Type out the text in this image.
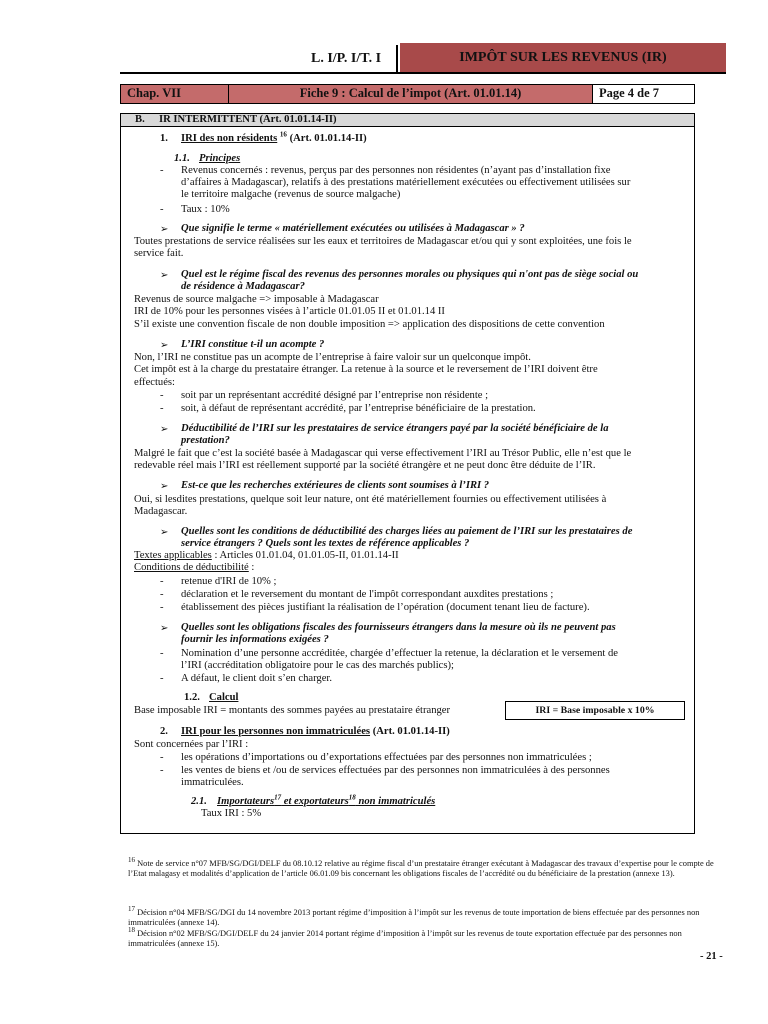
L. I/P. I/T. I	IMPÔT SUR LES REVENUS (IR)
Chap. VII	Fiche 9 : Calcul de l’impot (Art. 01.01.14)	Page 4 de 7
B. IR INTERMITTENT (Art. 01.01.14-II)
1. IRI des non résidents $^{16}$ (Art. 01.01.14-II)
1.1. Principes
- Revenus concernés : revenus, perçus par des personnes non résidentes (n’ayant pas d’installation fixe
d’affaires à Madagascar), relatifs à des prestations matériellement exécutées ou effectivement utilisées sur
le territoire malgache (revenus de source malgache)
- Taux : 10%
➢ Que signifie le terme « matériellement exécutées ou utilisées à Madagascar » ?
Toutes prestations de service réalisées sur les eaux et territoires de Madagascar et/ou qui y sont exploitées, une fois le
service fait.
➢ Quel est le régime fiscal des revenus des personnes morales ou physiques qui n'ont pas de siège social ou
de résidence à Madagascar?
Revenus de source malgache => imposable à Madagascar
IRI de 10% pour les personnes visées à l’article 01.01.05 II et 01.01.14 II
S’il existe une convention fiscale de non double imposition => application des dispositions de cette convention
➢ L’IRI constitue t-il un acompte ?
Non, l’IRI ne constitue pas un acompte de l’entreprise à faire valoir sur un quelconque impôt.
Cet impôt est à la charge du prestataire étranger. La retenue à la source et le reversement de l’IRI doivent être
effectués:
- soit par un représentant accrédité désigné par l’entreprise non résidente ;
- soit, à défaut de représentant accrédité, par l’entreprise bénéficiaire de la prestation.
➢ Déductibilité de l’IRI sur les prestataires de service étrangers payé par la société bénéficiaire de la
prestation?
Malgré le fait que c’est la société basée à Madagascar qui verse effectivement l’IRI au Trésor Public, elle n’est que le
redevable réel mais l’IRI est réellement supporté par la société étrangère et ne peut donc être déduite de l’IR.
➢ Est-ce que les recherches extérieures de clients sont soumises à l’IRI ?
Oui, si lesdites prestations, quelque soit leur nature, ont été matériellement fournies ou effectivement utilisées à
Madagascar.
➢ Quelles sont les conditions de déductibilité des charges liées au paiement de l’IRI sur les prestataires de
service étrangers ? Quels sont les textes de référence applicables ?
Textes applicables : Articles 01.01.04, 01.01.05-II, 01.01.14-II
Conditions de déductibilité :
- retenue d'IRI de 10% ;
- déclaration et le reversement du montant de l'impôt correspondant auxdites prestations ;
- établissement des pièces justifiant la réalisation de l’opération (document tenant lieu de facture).
➢ Quelles sont les obligations fiscales des fournisseurs étrangers dans la mesure où ils ne peuvent pas
fournir les informations exigées ?
- Nomination d’une personne accréditée, chargée d’effectuer la retenue, la déclaration et le versement de
l’IRI (accréditation obligatoire pour le cas des marchés publics);
- A défaut, le client doit s’en charger.
1.2. Calcul
Base imposable IRI = montants des sommes payées au prestataire étranger	IRI = Base imposable x 10%
2. IRI pour les personnes non immatriculées (Art. 01.01.14-II)
Sont concernées par l’IRI :
- les opérations d’importations ou d’exportations effectuées par des personnes non immatriculées ;
- les ventes de biens et /ou de services effectuées par des personnes non immatriculées à des personnes
immatriculées.
2.1. Importateurs$^{17}$ et exportateurs$^{18}$ non immatriculés
Taux IRI : 5%
$^{16}$ Note de service n°07 MFB/SG/DGI/DELF du 08.10.12 relative au régime fiscal d’un prestataire étranger exécutant à Madagascar des travaux d’expertise pour le compte de l’Etat malagasy et modalités d’application de l’article 06.01.09 bis concernant les obligations fiscales de l’accrédité ou du bénéficiaire de la prestation (annexe 13).
$^{17}$ Décision n°04 MFB/SG/DGI du 14 novembre 2013 portant régime d’imposition à l’impôt sur les revenus de toute importation de biens effectuée par des personnes non immatriculées (annexe 14).
$^{18}$ Décision n°02 MFB/SG/DGI/DELF du 24 janvier 2014 portant régime d’imposition à l’impôt sur les revenus de toute exportation effectuée par des personnes non immatriculées (annexe 15).
- 21 -
